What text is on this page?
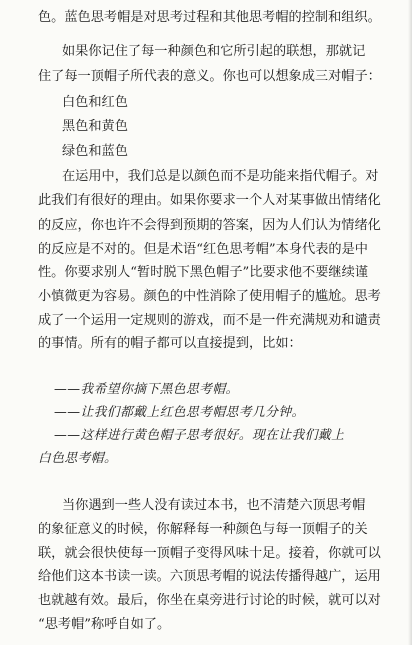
色。蓝色思考帽是对思考过程和其他思考帽的控制和组织。

如果你记住了每一种颜色和它所引起的联想，那就记

住了每一顶帽子所代表的意义。你也可以想象成三对帽子：

白色和红色

黑色和黄色

绿色和蓝色

在运用中，我们总是以颜色而不是功能来指代帽子。对

此我们有很好的理由。如果你要求一个人对某事做出情绪化

的反应，你也许不会得到预期的答案，因为人们认为情绪化

的反应是不对的。但是术语“红色思考帽”本身代表的是中

性。你要求别人“暂时脱下黑色帽子”比要求他不要继续谨

小慎微更为容易。颜色的中性消除了使用帽子的尴尬。思考

成了一个运用一定规则的游戏，而不是一件充满规劝和谴责

的事情。所有的帽子都可以直接提到，比如：

——我希望你摘下黑色思考帽。

——让我们都戴上红色思考帽思考几分钟。

——这样进行黄色帽子思考很好。现在让我们戴上

白色思考帽。

当你遇到一些人没有读过本书，也不清楚六顶思考帽

的象征意义的时候，你解释每一种颜色与每一顶帽子的关

联，就会很快使每一顶帽子变得风味十足。接着，你就可以

给他们这本书读一读。六顶思考帽的说法传播得越广，运用

也就越有效。最后，你坐在桌旁进行讨论的时候，就可以对

“思考帽”称呼自如了。
